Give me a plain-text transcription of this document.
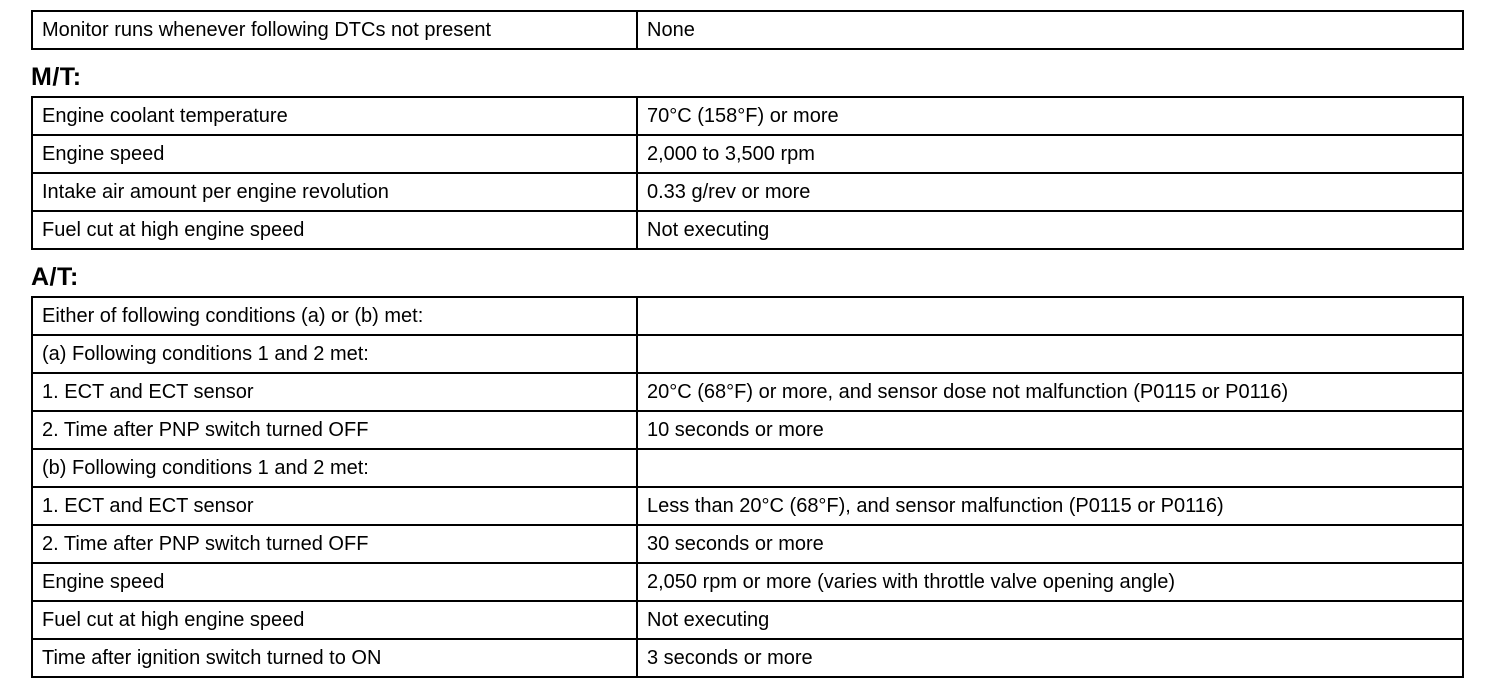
Monitor runs whenever following DTCs not present	None
M/T:
Engine coolant temperature	70°C (158°F) or more
Engine speed	2,000 to 3,500 rpm
Intake air amount per engine revolution	0.33 g/rev or more
Fuel cut at high engine speed	Not executing
A/T:
Either of following conditions (a) or (b) met:	
(a) Following conditions 1 and 2 met:	
1. ECT and ECT sensor	20°C (68°F) or more, and sensor dose not malfunction (P0115 or P0116)
2. Time after PNP switch turned OFF	10 seconds or more
(b) Following conditions 1 and 2 met:	
1. ECT and ECT sensor	Less than 20°C (68°F), and sensor malfunction (P0115 or P0116)
2. Time after PNP switch turned OFF	30 seconds or more
Engine speed	2,050 rpm or more (varies with throttle valve opening angle)
Fuel cut at high engine speed	Not executing
Time after ignition switch turned to ON	3 seconds or more
